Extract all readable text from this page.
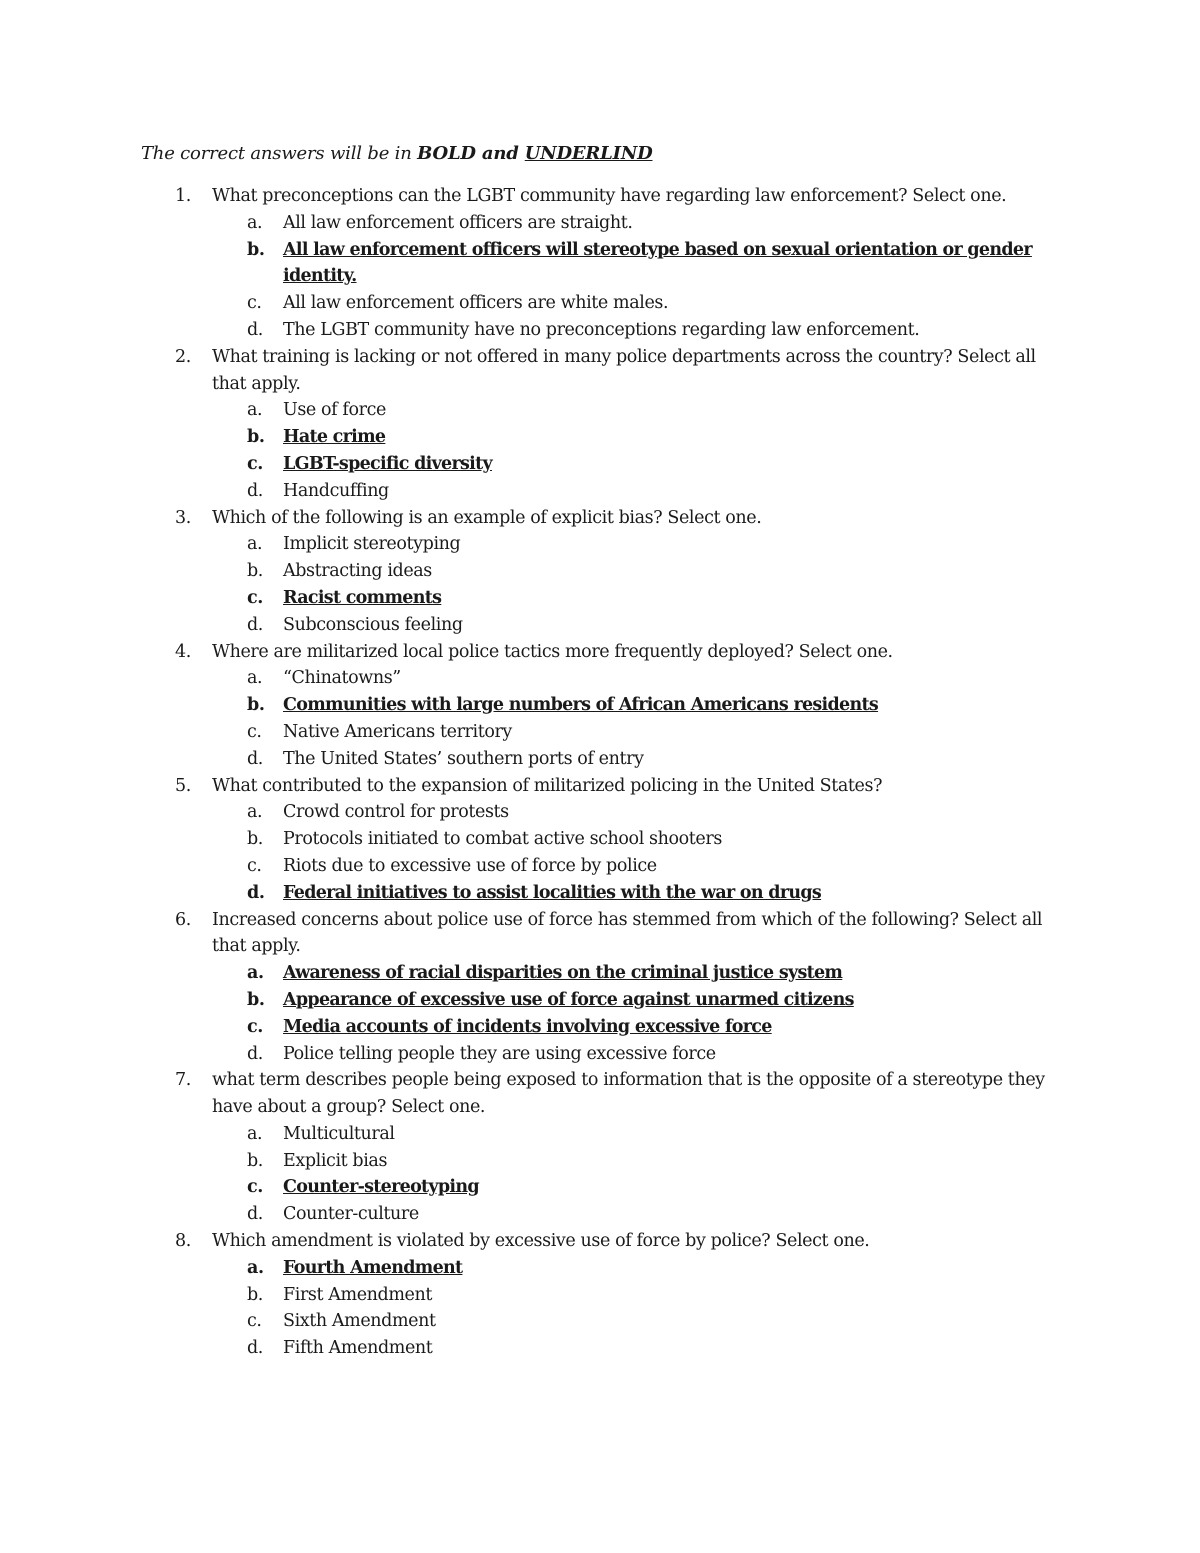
The correct answers will be in BOLD and UNDERLIND
1. What preconceptions can the LGBT community have regarding law enforcement? Select one.
a. All law enforcement officers are straight.
b. All law enforcement officers will stereotype based on sexual orientation or gender
identity.
c. All law enforcement officers are white males.
d. The LGBT community have no preconceptions regarding law enforcement.
2. What training is lacking or not offered in many police departments across the country? Select all
that apply.
a. Use of force
b. Hate crime
c. LGBT-specific diversity
d. Handcuffing
3. Which of the following is an example of explicit bias? Select one.
a. Implicit stereotyping
b. Abstracting ideas
c. Racist comments
d. Subconscious feeling
4. Where are militarized local police tactics more frequently deployed? Select one.
a. “Chinatowns”
b. Communities with large numbers of African Americans residents
c. Native Americans territory
d. The United States’ southern ports of entry
5. What contributed to the expansion of militarized policing in the United States?
a. Crowd control for protests
b. Protocols initiated to combat active school shooters
c. Riots due to excessive use of force by police
d. Federal initiatives to assist localities with the war on drugs
6. Increased concerns about police use of force has stemmed from which of the following? Select all
that apply.
a. Awareness of racial disparities on the criminal justice system
b. Appearance of excessive use of force against unarmed citizens
c. Media accounts of incidents involving excessive force
d. Police telling people they are using excessive force
7. what term describes people being exposed to information that is the opposite of a stereotype they
have about a group? Select one.
a. Multicultural
b. Explicit bias
c. Counter-stereotyping
d. Counter-culture
8. Which amendment is violated by excessive use of force by police? Select one.
a. Fourth Amendment
b. First Amendment
c. Sixth Amendment
d. Fifth Amendment
